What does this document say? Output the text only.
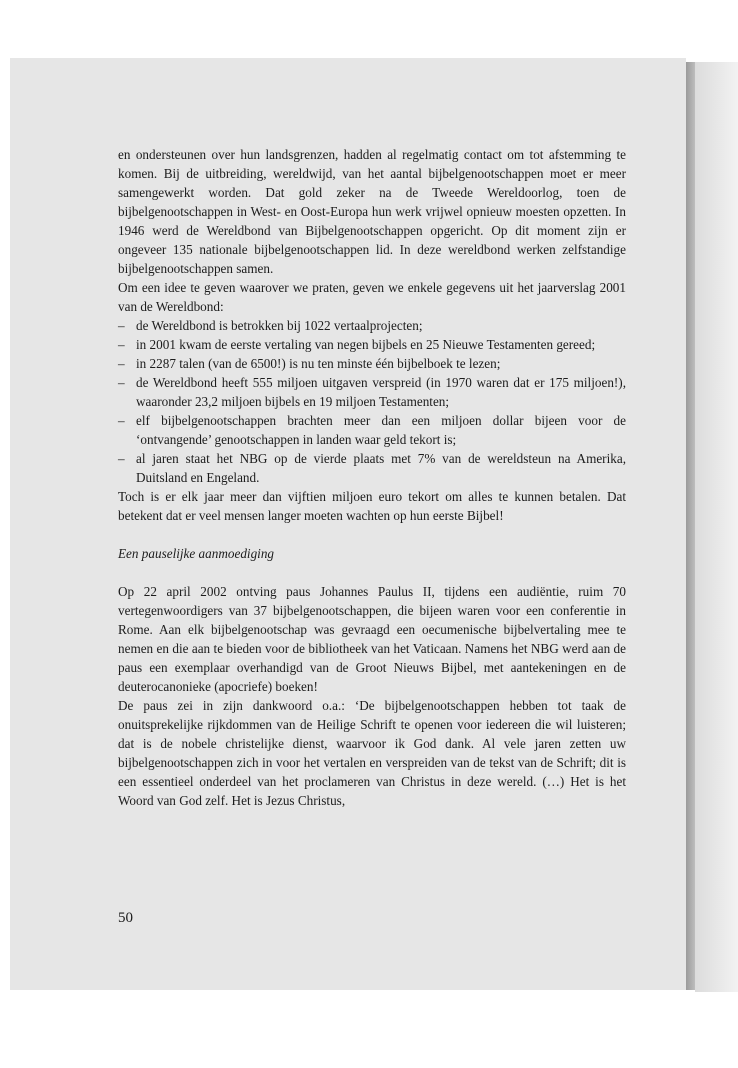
en ondersteunen over hun landsgrenzen, hadden al regelmatig contact om tot afstemming te komen. Bij de uitbreiding, wereldwijd, van het aantal bijbelgenootschappen moet er meer samengewerkt worden. Dat gold zeker na de Tweede Wereldoorlog, toen de bijbelgenootschappen in West- en Oost-Europa hun werk vrijwel opnieuw moesten opzetten. In 1946 werd de Wereldbond van Bijbelgenootschappen opgericht. Op dit moment zijn er ongeveer 135 nationale bijbelgenootschappen lid. In deze wereldbond werken zelfstandige bijbelgenootschappen samen.

Om een idee te geven waarover we praten, geven we enkele gegevens uit het jaarverslag 2001 van de Wereldbond:

– de Wereldbond is betrokken bij 1022 vertaalprojecten;
– in 2001 kwam de eerste vertaling van negen bijbels en 25 Nieuwe Testamenten gereed;
– in 2287 talen (van de 6500!) is nu ten minste één bijbelboek te lezen;
– de Wereldbond heeft 555 miljoen uitgaven verspreid (in 1970 waren dat er 175 miljoen!), waaronder 23,2 miljoen bijbels en 19 miljoen Testamenten;
– elf bijbelgenootschappen brachten meer dan een miljoen dollar bijeen voor de ‘ontvangende’ genootschappen in landen waar geld tekort is;
– al jaren staat het NBG op de vierde plaats met 7% van de wereldsteun na Amerika, Duitsland en Engeland.

Toch is er elk jaar meer dan vijftien miljoen euro tekort om alles te kunnen betalen. Dat betekent dat er veel mensen langer moeten wachten op hun eerste Bijbel!

Een pauselijke aanmoediging

Op 22 april 2002 ontving paus Johannes Paulus II, tijdens een audiëntie, ruim 70 vertegenwoordigers van 37 bijbelgenootschappen, die bijeen waren voor een conferentie in Rome. Aan elk bijbelgenootschap was gevraagd een oecumenische bijbelvertaling mee te nemen en die aan te bieden voor de bibliotheek van het Vaticaan. Namens het NBG werd aan de paus een exemplaar overhandigd van de Groot Nieuws Bijbel, met aantekeningen en de deuterocanonieke (apocriefe) boeken!

De paus zei in zijn dankwoord o.a.: ‘De bijbelgenootschappen hebben tot taak de onuitsprekelijke rijkdommen van de Heilige Schrift te openen voor iedereen die wil luisteren; dat is de nobele christelijke dienst, waarvoor ik God dank. Al vele jaren zetten uw bijbelgenootschappen zich in voor het vertalen en verspreiden van de tekst van de Schrift; dit is een essentieel onderdeel van het proclameren van Christus in deze wereld. (…) Het is het Woord van God zelf. Het is Jezus Christus,

50
